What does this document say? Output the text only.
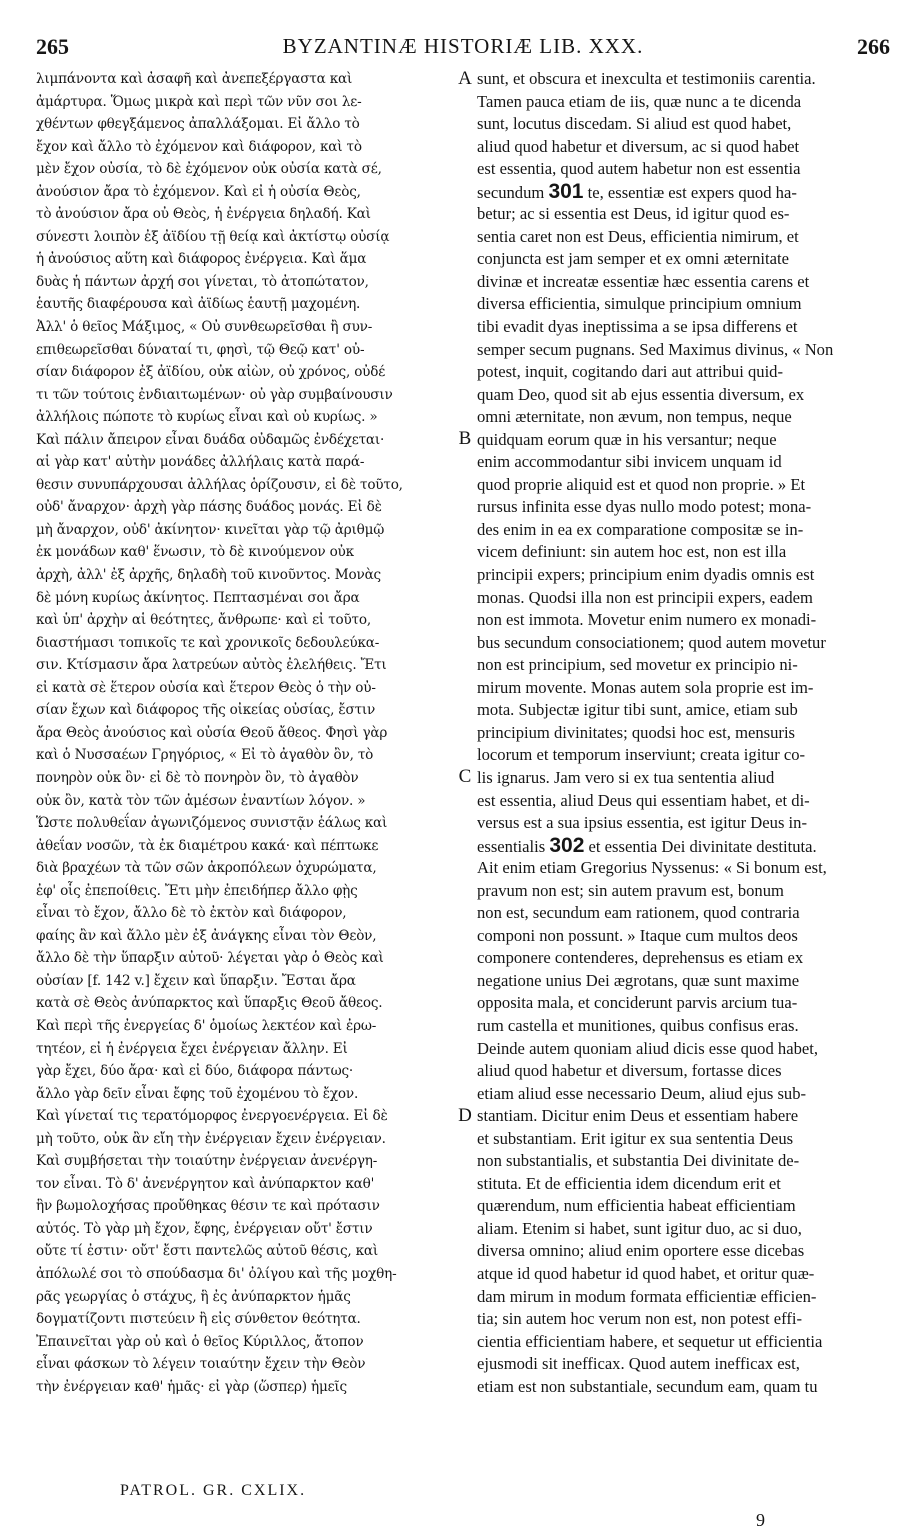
265	BYZANTINÆ HISTORIÆ LIB. XXX.	266
λιμπάνοντα καὶ ἀσαφῆ καὶ ἀνεπεξέργαστα καὶ
ἀμάρτυρα. Ὅμως μικρὰ καὶ περὶ τῶν νῦν σοι λε-
χθέντων φθεγξάμενος ἀπαλλάξομαι. Εἰ ἄλλο τὸ
ἔχον καὶ ἄλλο τὸ ἐχόμενον καὶ διάφορον, καὶ τὸ
μὲν ἔχον οὐσία, τὸ δὲ ἐχόμενον οὐκ οὐσία κατὰ σέ,
ἀνούσιον ἄρα τὸ ἐχόμενον. Καὶ εἰ ἡ οὐσία Θεὸς,
τὸ ἀνούσιον ἄρα οὐ Θεὸς, ἡ ἐνέργεια δηλαδή. Καὶ
σύνεστι λοιπὸν ἐξ ἀϊδίου τῇ θείᾳ καὶ ἀκτίστῳ οὐσίᾳ
ἡ ἀνούσιος αὕτη καὶ διάφορος ἐνέργεια. Καὶ ἅμα
δυὰς ἡ πάντων ἀρχή σοι γίνεται, τὸ ἀτοπώτατον,
ἑαυτῆς διαφέρουσα καὶ ἀϊδίως ἑαυτῇ μαχομένη.
Ἀλλ' ὁ θεῖος Μάξιμος, « Οὐ συνθεωρεῖσθαι ἢ συν-
επιθεωρεῖσθαι δύναταί τι, φησὶ, τῷ Θεῷ κατ' οὐ-
σίαν διάφορον ἐξ ἀϊδίου, οὐκ αἰὼν, οὐ χρόνος, οὐδέ
τι τῶν τούτοις ἐνδιαιτωμένων· οὐ γὰρ συμβαίνουσιν
ἀλλήλοις πώποτε τὸ κυρίως εἶναι καὶ οὐ κυρίως. »
Καὶ πάλιν ἄπειρον εἶναι δυάδα οὐδαμῶς ἐνδέχεται·
αἱ γὰρ κατ' αὐτὴν μονάδες ἀλλήλαις κατὰ παρά-
θεσιν συνυπάρχουσαι ἀλλήλας ὁρίζουσιν, εἰ δὲ τοῦτο,
οὐδ' ἄναρχον· ἀρχὴ γὰρ πάσης δυάδος μονάς. Εἰ δὲ
μὴ ἄναρχον, οὐδ' ἀκίνητον· κινεῖται γὰρ τῷ ἀριθμῷ
ἐκ μονάδων καθ' ἕνωσιν, τὸ δὲ κινούμενον οὐκ
ἀρχὴ, ἀλλ' ἐξ ἀρχῆς, δηλαδὴ τοῦ κινοῦντος. Μονὰς
δὲ μόνη κυρίως ἀκίνητος. Πεπτασμέναι σοι ἄρα
καὶ ὑπ' ἀρχὴν αἱ θεότητες, ἄνθρωπε· καὶ εἰ τοῦτο,
διαστήμασι τοπικοῖς τε καὶ χρονικοῖς δεδουλεύκα-
σιν. Κτίσμασιν ἄρα λατρεύων αὐτὸς ἐλελήθεις. Ἔτι
εἰ κατὰ σὲ ἕτερον οὐσία καὶ ἕτερον Θεὸς ὁ τὴν οὐ-
σίαν ἔχων καὶ διάφορος τῆς οἰκείας οὐσίας, ἔστιν
ἄρα Θεὸς ἀνούσιος καὶ οὐσία Θεοῦ ἄθεος. Φησὶ γὰρ
καὶ ὁ Νυσσαέων Γρηγόριος, « Εἰ τὸ ἀγαθὸν ὂν, τὸ
πονηρὸν οὐκ ὂν· εἰ δὲ τὸ πονηρὸν ὂν, τὸ ἀγαθὸν
οὐκ ὂν, κατὰ τὸν τῶν ἀμέσων ἐναντίων λόγον. »
Ὥστε πολυθεΐαν ἀγωνιζόμενος συνιστᾷν ἑάλως καὶ
ἀθεΐαν νοσῶν, τὰ ἐκ διαμέτρου κακά· καὶ πέπτωκε
διὰ βραχέων τὰ τῶν σῶν ἀκροπόλεων ὀχυρώματα,
ἐφ' οἷς ἐπεποίθεις. Ἔτι μὴν ἐπειδήπερ ἄλλο φῂς
εἶναι τὸ ἔχον, ἄλλο δὲ τὸ ἐκτὸν καὶ διάφορον,
φαίης ἂν καὶ ἄλλο μὲν ἐξ ἀνάγκης εἶναι τὸν Θεὸν,
ἄλλο δὲ τὴν ὕπαρξιν αὐτοῦ· λέγεται γὰρ ὁ Θεὸς καὶ
οὐσίαν [f. 142 v.] ἔχειν καὶ ὕπαρξιν. Ἔσται ἄρα
κατὰ σὲ Θεὸς ἀνύπαρκτος καὶ ὕπαρξις Θεοῦ ἄθεος.
Καὶ περὶ τῆς ἐνεργείας δ' ὁμοίως λεκτέον καὶ ἐρω-
τητέον, εἰ ἡ ἐνέργεια ἔχει ἐνέργειαν ἄλλην. Εἰ
γὰρ ἔχει, δύο ἄρα· καὶ εἰ δύο, διάφορα πάντως·
ἄλλο γὰρ δεῖν εἶναι ἔφης τοῦ ἐχομένου τὸ ἔχον.
Καὶ γίνεταί τις τερατόμορφος ἐνεργοενέργεια. Εἰ δὲ
μὴ τοῦτο, οὐκ ἂν εἴη τὴν ἐνέργειαν ἔχειν ἐνέργειαν.
Καὶ συμβήσεται τὴν τοιαύτην ἐνέργειαν ἀνενέργη-
τον εἶναι. Τὸ δ' ἀνενέργητον καὶ ἀνύπαρκτον καθ'
ἣν βωμολοχήσας προὔθηκας θέσιν τε καὶ πρότασιν
αὐτός. Τὸ γὰρ μὴ ἔχον, ἔφης, ἐνέργειαν οὔτ' ἔστιν
οὔτε τί ἐστιν· οὔτ' ἔστι παντελῶς αὐτοῦ θέσις, καὶ
ἀπόλωλέ σοι τὸ σπούδασμα δι' ὀλίγου καὶ τῆς μοχθη-
ρᾶς γεωργίας ὁ στάχυς, ἣ ἐς ἀνύπαρκτον ἡμᾶς
δογματίζοντι πιστεύειν ἢ εἰς σύνθετον θεότητα.
Ἐπαινεῖται γὰρ οὐ καὶ ὁ θεῖος Κύριλλος, ἄτοπον
εἶναι φάσκων τὸ λέγειν τοιαύτην ἔχειν τὴν Θεὸν
τὴν ἐνέργειαν καθ' ἡμᾶς· εἰ γὰρ (ὥσπερ) ἡμεῖς
sunt, et obscura et inexculta et testimoniis carentia.
Tamen pauca etiam de iis, quæ nunc a te dicenda
sunt, locutus discedam. Si aliud est quod habet,
aliud quod habetur et diversum, ac si quod habet
est essentia, quod autem habetur non est essentia
secundum 301 te, essentiæ est expers quod ha-
betur; ac si essentia est Deus, id igitur quod es-
sentia caret non est Deus, efficientia nimirum, et
conjuncta est jam semper et ex omni æternitate
divinæ et increatæ essentiæ hæc essentia carens et
diversa efficientia, simulque principium omnium
tibi evadit dyas ineptissima a se ipsa differens et
semper secum pugnans. Sed Maximus divinus, « Non
potest, inquit, cogitando dari aut attribui quid-
quam Deo, quod sit ab ejus essentia diversum, ex
omni æternitate, non ævum, non tempus, neque
quidquam eorum quæ in his versantur; neque
enim accommodantur sibi invicem unquam id
quod proprie aliquid est et quod non proprie. » Et
rursus infinita esse dyas nullo modo potest; mona-
des enim in ea ex comparatione compositæ se in-
vicem definiunt: sin autem hoc est, non est illa
principii expers; principium enim dyadis omnis est
monas. Quodsi illa non est principii expers, eadem
non est immota. Movetur enim numero ex monadi-
bus secundum consociationem; quod autem movetur
non est principium, sed movetur ex principio ni-
mirum movente. Monas autem sola proprie est im-
mota. Subjectæ igitur tibi sunt, amice, etiam sub
principium divinitates; quodsi hoc est, mensuris
locorum et temporum inserviunt; creata igitur co-
lis ignarus. Jam vero si ex tua sententia aliud
est essentia, aliud Deus qui essentiam habet, et di-
versus est a sua ipsius essentia, est igitur Deus in-
essentialis 302 et essentia Dei divinitate destituta.
Ait enim etiam Gregorius Nyssenus: « Si bonum est,
pravum non est; sin autem pravum est, bonum
non est, secundum eam rationem, quod contraria
componi non possunt. » Itaque cum multos deos
componere contenderes, deprehensus es etiam ex
negatione unius Dei ægrotans, quæ sunt maxime
opposita mala, et conciderunt parvis arcium tua-
rum castella et munitiones, quibus confisus eras.
Deinde autem quoniam aliud dicis esse quod habet,
aliud quod habetur et diversum, fortasse dices
etiam aliud esse necessario Deum, aliud ejus sub-
stantiam. Dicitur enim Deus et essentiam habere
et substantiam. Erit igitur ex sua sententia Deus
non substantialis, et substantia Dei divinitate de-
stituta. Et de efficientia idem dicendum erit et
quærendum, num efficientia habeat efficientiam
aliam. Etenim si habet, sunt igitur duo, ac si duo,
diversa omnino; aliud enim oportere esse dicebas
atque id quod habetur id quod habet, et oritur quæ-
dam mirum in modum formata efficientiæ efficien-
tia; sin autem hoc verum non est, non potest effi-
cientia efficientiam habere, et sequetur ut efficientia
ejusmodi sit inefficax. Quod autem inefficax est,
etiam est non substantiale, secundum eam, quam tu
A
B
C
D
PATROL. GR. CXLIX.
9
